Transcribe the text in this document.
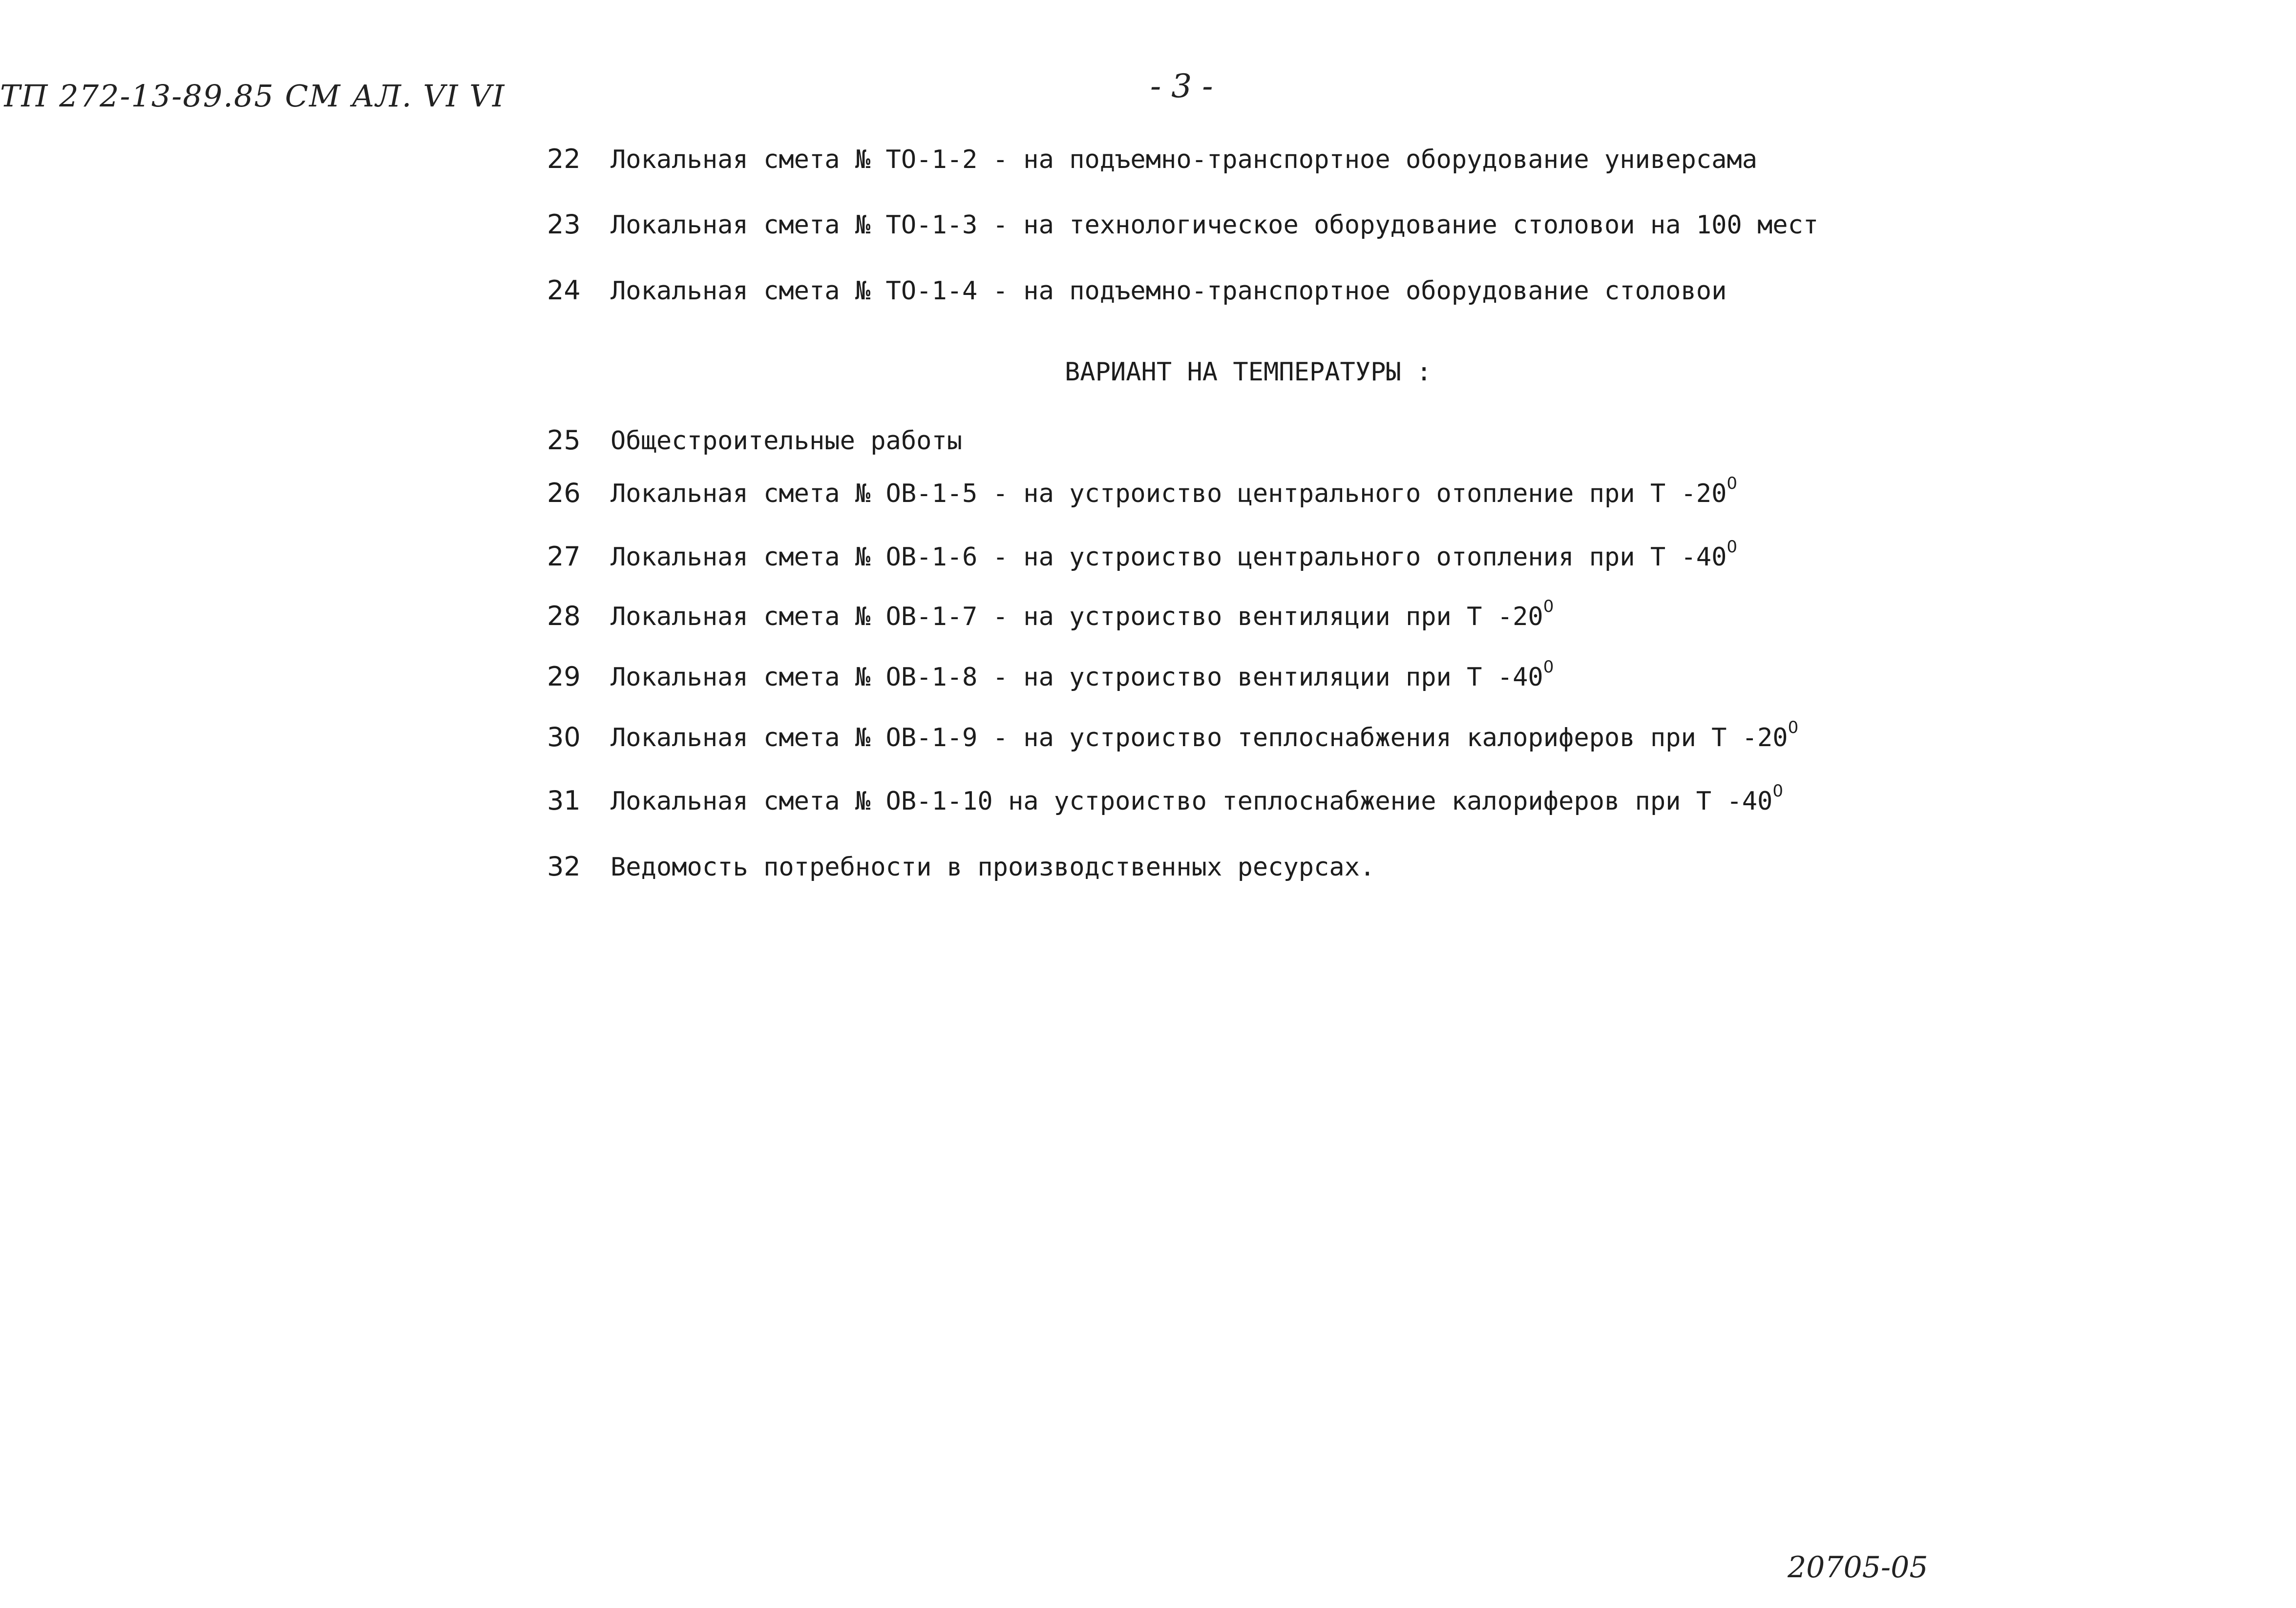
ТП 272-13-89.85 СМ АЛ. VI VI	- 3 -
22 Локальная смета № ТО-1-2 - на подъемно-транспортное оборудование универсама
23 Локальная смета № ТО-1-3 - на технологическое оборудование столовои на 100 мест
24 Локальная смета № ТО-1-4 - на подъемно-транспортное оборудование столовои
ВАРИАНТ НА ТЕМПЕРАТУРЫ :
25 Общестроительные работы
26 Локальная смета № ОВ-1-5 - на устроиство центрального отопление при Т -200
27 Локальная смета № ОВ-1-6 - на устроиство центрального отопления при Т -400
28 Локальная смета № ОВ-1-7 - на устроиство вентиляции при Т -200
29 Локальная смета № ОВ-1-8 - на устроиство вентиляции при Т -400
30 Локальная смета № ОВ-1-9 - на устроиство теплоснабжения калориферов при Т -200
31 Локальная смета № ОВ-1-10 на устроиство теплоснабжение калориферов при Т -400
32 Ведомость потребности в производственных ресурсах.
20705-05
